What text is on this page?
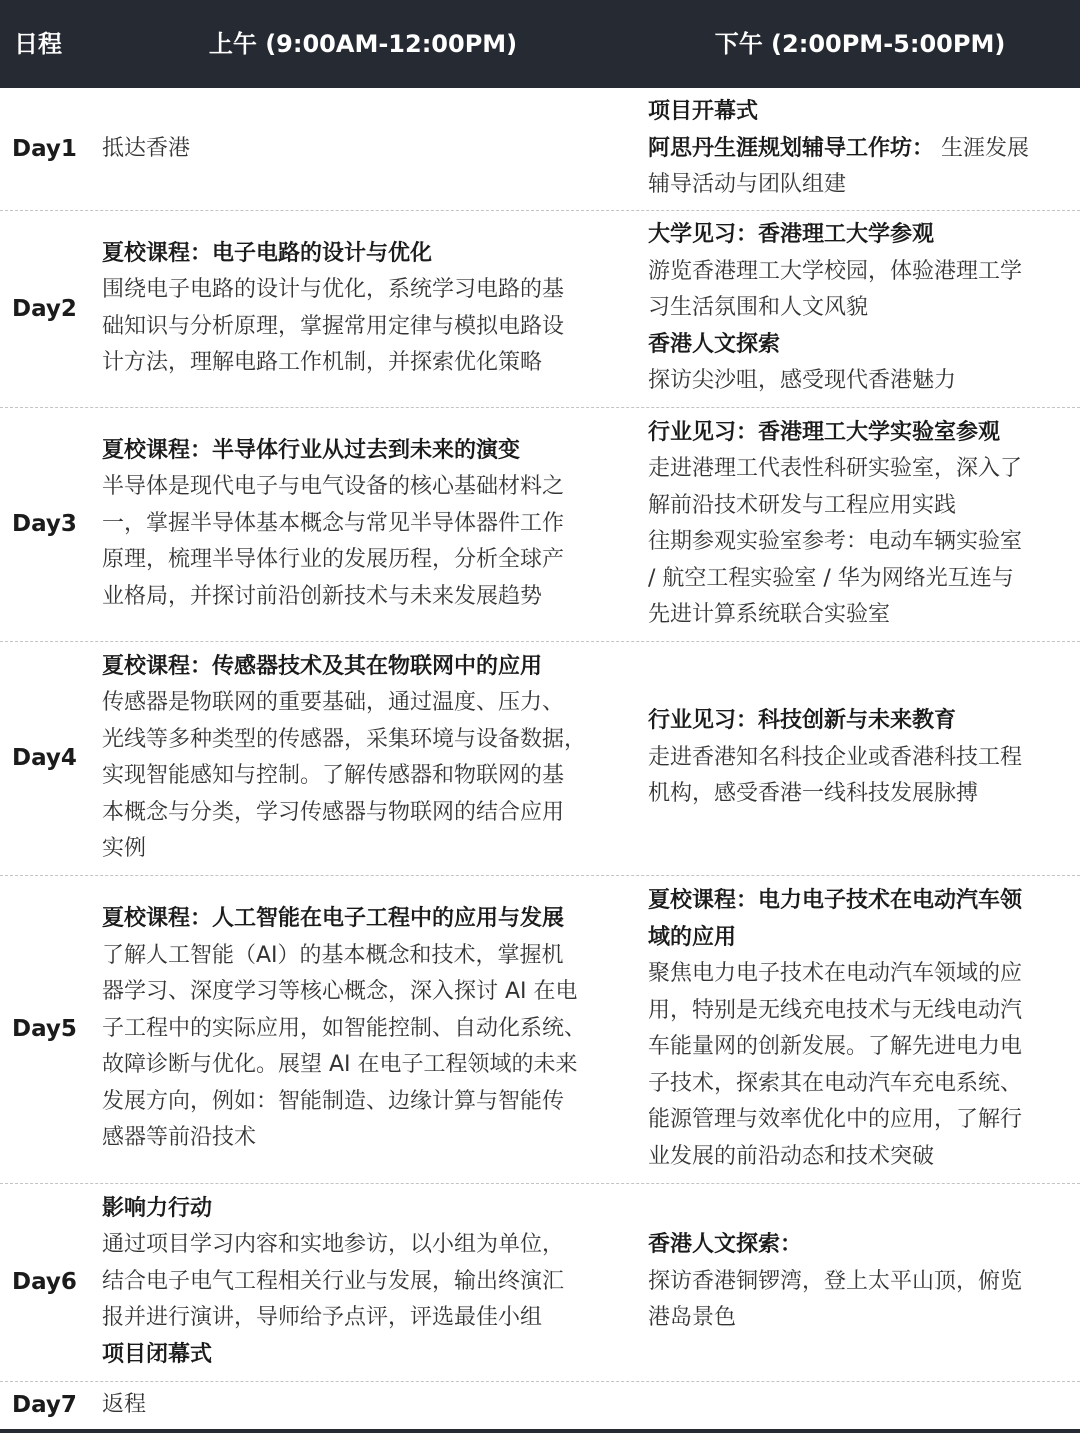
日程	上午 (9:00AM-12:00PM)	下午 (2:00PM-5:00PM)
Day1 抵达香港
项目开幕式
阿思丹生涯规划辅导工作坊： 生涯发展
辅导活动与团队组建
Day2
夏校课程：电子电路的设计与优化
围绕电子电路的设计与优化，系统学习电路的基
础知识与分析原理，掌握常用定律与模拟电路设
计方法，理解电路工作机制，并探索优化策略
大学见习：香港理工大学参观
游览香港理工大学校园，体验港理工学
习生活氛围和人文风貌
香港人文探索
探访尖沙咀，感受现代香港魅力
Day3
夏校课程：半导体行业从过去到未来的演变
半导体是现代电子与电气设备的核心基础材料之
一，掌握半导体基本概念与常见半导体器件工作
原理，梳理半导体行业的发展历程，分析全球产
业格局，并探讨前沿创新技术与未来发展趋势
行业见习：香港理工大学实验室参观
走进港理工代表性科研实验室，深入了
解前沿技术研发与工程应用实践
往期参观实验室参考：电动车辆实验室
/ 航空工程实验室 / 华为网络光互连与
先进计算系统联合实验室
Day4
夏校课程：传感器技术及其在物联网中的应用
传感器是物联网的重要基础，通过温度、压力、
光线等多种类型的传感器，采集环境与设备数据，
实现智能感知与控制。了解传感器和物联网的基
本概念与分类，学习传感器与物联网的结合应用
实例
行业见习：科技创新与未来教育
走进香港知名科技企业或香港科技工程
机构，感受香港一线科技发展脉搏
Day5
夏校课程：人工智能在电子工程中的应用与发展
了解人工智能（AI）的基本概念和技术，掌握机
器学习、深度学习等核心概念，深入探讨 AI 在电
子工程中的实际应用，如智能控制、自动化系统、
故障诊断与优化。展望 AI 在电子工程领域的未来
发展方向，例如：智能制造、边缘计算与智能传
感器等前沿技术
夏校课程：电力电子技术在电动汽车领
域的应用
聚焦电力电子技术在电动汽车领域的应
用，特别是无线充电技术与无线电动汽
车能量网的创新发展。了解先进电力电
子技术，探索其在电动汽车充电系统、
能源管理与效率优化中的应用，了解行
业发展的前沿动态和技术突破
Day6
影响力行动
通过项目学习内容和实地参访，以小组为单位，
结合电子电气工程相关行业与发展，输出终演汇
报并进行演讲，导师给予点评，评选最佳小组
项目闭幕式
香港人文探索：
探访香港铜锣湾，登上太平山顶，俯览
港岛景色
Day7 返程
